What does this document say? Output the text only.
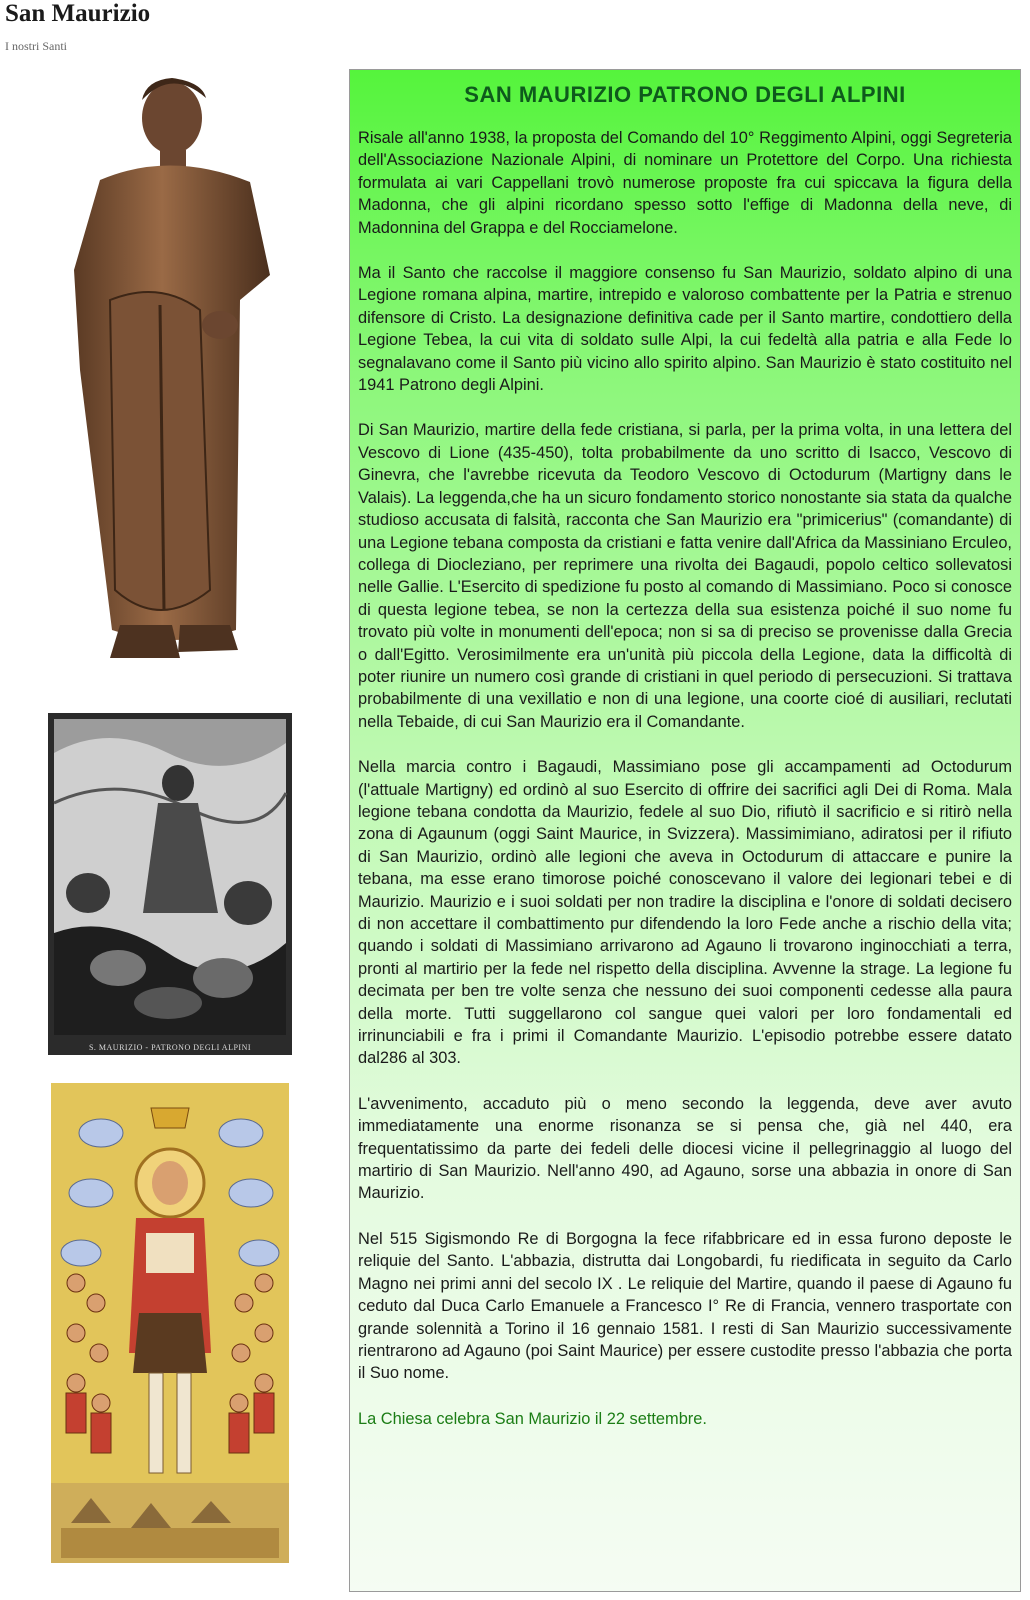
San Maurizio
I nostri Santi
S. MAURIZIO - PATRONO DEGLI ALPINI
SAN MAURIZIO PATRONO DEGLI ALPINI

Risale all'anno 1938, la proposta del Comando del 10° Reggimento Alpini, oggi Segreteria dell'Associazione Nazionale Alpini, di nominare un Protettore del Corpo. Una richiesta formulata ai vari Cappellani trovò numerose proposte fra cui spiccava la figura della Madonna, che gli alpini ricordano spesso sotto l'effige di Madonna della neve, di Madonnina del Grappa e del Rocciamelone.

Ma il Santo che raccolse il maggiore consenso fu San Maurizio, soldato alpino di una Legione romana alpina, martire, intrepido e valoroso combattente per la Patria e strenuo difensore di Cristo. La designazione definitiva cade per il Santo martire, condottiero della Legione Tebea, la cui vita di soldato sulle Alpi, la cui fedeltà alla patria e alla Fede lo segnalavano come il Santo più vicino allo spirito alpino. San Maurizio è stato costituito nel 1941 Patrono degli Alpini.

Di San Maurizio, martire della fede cristiana, si parla, per la prima volta, in una lettera del Vescovo di Lione (435-450), tolta probabilmente da uno scritto di Isacco, Vescovo di Ginevra, che l'avrebbe ricevuta da Teodoro Vescovo di Octodurum (Martigny dans le Valais). La leggenda,che ha un sicuro fondamento storico nonostante sia stata da qualche studioso accusata di falsità, racconta che San Maurizio era "primicerius" (comandante) di una Legione tebana composta da cristiani e fatta venire dall'Africa da Massiniano Erculeo, collega di Diocleziano, per reprimere una rivolta dei Bagaudi, popolo celtico sollevatosi nelle Gallie. L'Esercito di spedizione fu posto al comando di Massimiano. Poco si conosce di questa legione tebea, se non la certezza della sua esistenza poiché il suo nome fu trovato più volte in monumenti dell'epoca; non si sa di preciso se provenisse dalla Grecia o dall'Egitto. Verosimilmente era un'unità più piccola della Legione, data la difficoltà di poter riunire un numero così grande di cristiani in quel periodo di persecuzioni. Si trattava probabilmente di una vexillatio e non di una legione, una coorte cioé di ausiliari, reclutati nella Tebaide, di cui San Maurizio era il Comandante.

Nella marcia contro i Bagaudi, Massimiano pose gli accampamenti ad Octodurum (l'attuale Martigny) ed ordinò al suo Esercito di offrire dei sacrifici agli Dei di Roma. Mala legione tebana condotta da Maurizio, fedele al suo Dio, rifiutò il sacrificio e si ritirò nella zona di Agaunum (oggi Saint Maurice, in Svizzera). Massimimiano, adiratosi per il rifiuto di San Maurizio, ordinò alle legioni che aveva in Octodurum di attaccare e punire la tebana, ma esse erano timorose poiché conoscevano il valore dei legionari tebei e di Maurizio. Maurizio e i suoi soldati per non tradire la disciplina e l'onore di soldati decisero di non accettare il combattimento pur difendendo la loro Fede anche a rischio della vita; quando i soldati di Massimiano arrivarono ad Agauno li trovarono inginocchiati a terra, pronti al martirio per la fede nel rispetto della disciplina. Avvenne la strage. La legione fu decimata per ben tre volte senza che nessuno dei suoi componenti cedesse alla paura della morte. Tutti suggellarono col sangue quei valori per loro fondamentali ed irrinunciabili e fra i primi il Comandante Maurizio. L'episodio potrebbe essere datato dal286 al 303.

L'avvenimento, accaduto più o meno secondo la leggenda, deve aver avuto immediatamente una enorme risonanza se si pensa che, già nel 440, era frequentatissimo da parte dei fedeli delle diocesi vicine il pellegrinaggio al luogo del martirio di San Maurizio. Nell'anno 490, ad Agauno, sorse una abbazia in onore di San Maurizio.

Nel 515 Sigismondo Re di Borgogna la fece rifabbricare ed in essa furono deposte le reliquie del Santo. L'abbazia, distrutta dai Longobardi, fu riedificata in seguito da Carlo Magno nei primi anni del secolo IX . Le reliquie del Martire, quando il paese di Agauno fu ceduto dal Duca Carlo Emanuele a Francesco I° Re di Francia, vennero trasportate con grande solennità a Torino il 16 gennaio 1581. I resti di San Maurizio successivamente rientrarono ad Agauno (poi Saint Maurice) per essere custodite presso l'abbazia che porta il Suo nome.

La Chiesa celebra San Maurizio il 22 settembre.
